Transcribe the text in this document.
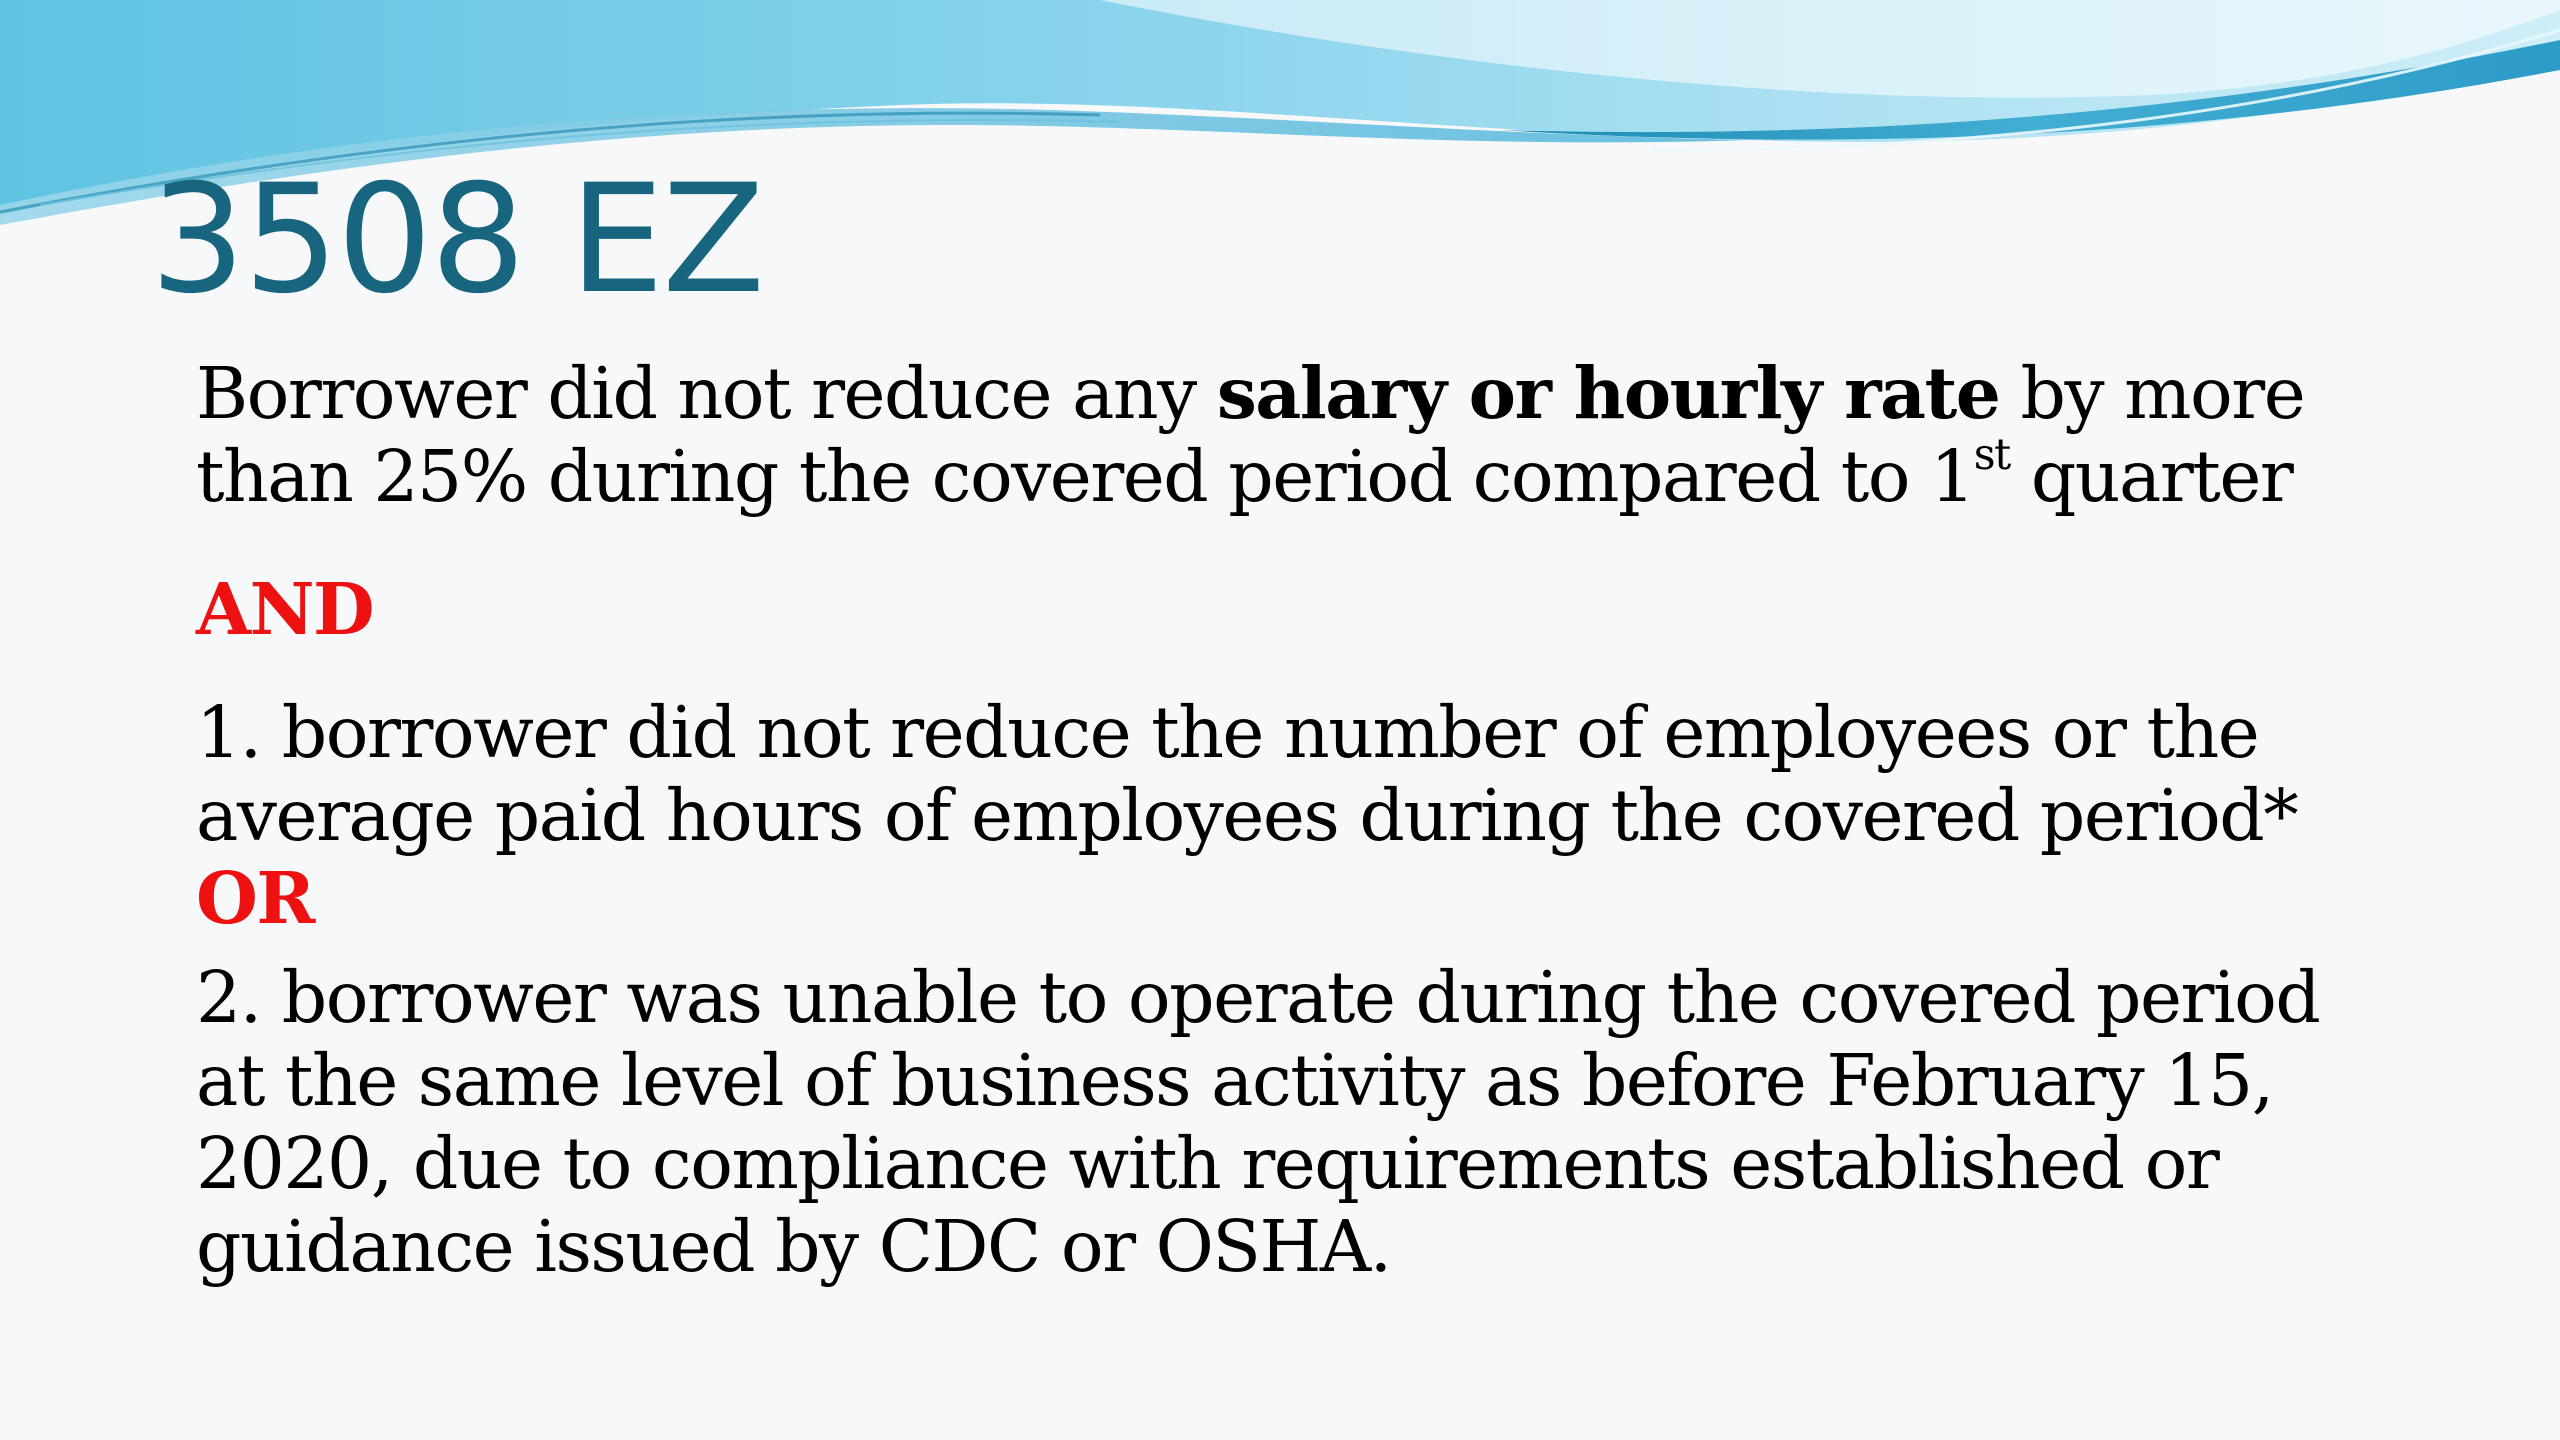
3508 EZ

Borrower did not reduce any salary or hourly rate by more

than 25% during the covered period compared to 1st quarter

AND

1. borrower did not reduce the number of employees or the

average paid hours of employees during the covered period*

OR

2. borrower was unable to operate during the covered period

at the same level of business activity as before February 15,

2020, due to compliance with requirements established or

guidance issued by CDC or OSHA.
